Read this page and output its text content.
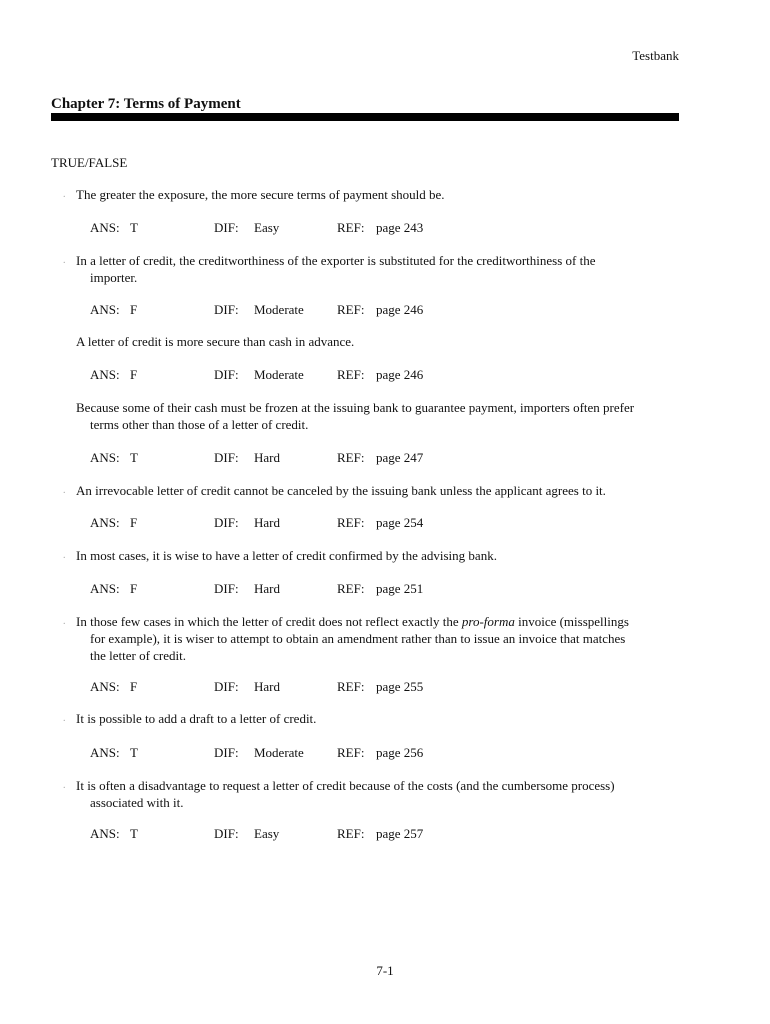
Testbank
Chapter 7: Terms of Payment
TRUE/FALSE
. The greater the exposure, the more secure terms of payment should be.
ANS: T	DIF: Easy	REF: page 243
. In a letter of credit, the creditworthiness of the exporter is substituted for the creditworthiness of the
importer.
ANS: F	DIF: Moderate	REF: page 246
A letter of credit is more secure than cash in advance.
ANS: F	DIF: Moderate	REF: page 246
Because some of their cash must be frozen at the issuing bank to guarantee payment, importers often prefer
terms other than those of a letter of credit.
ANS: T	DIF: Hard	REF: page 247
. An irrevocable letter of credit cannot be canceled by the issuing bank unless the applicant agrees to it.
ANS: F	DIF: Hard	REF: page 254
. In most cases, it is wise to have a letter of credit confirmed by the advising bank.
ANS: F	DIF: Hard	REF: page 251
. In those few cases in which the letter of credit does not reflect exactly the pro-forma invoice (misspellings
for example), it is wiser to attempt to obtain an amendment rather than to issue an invoice that matches
the letter of credit.
ANS: F	DIF: Hard	REF: page 255
. It is possible to add a draft to a letter of credit.
ANS: T	DIF: Moderate	REF: page 256
. It is often a disadvantage to request a letter of credit because of the costs (and the cumbersome process)
associated with it.
ANS: T	DIF: Easy	REF: page 257
7-1
